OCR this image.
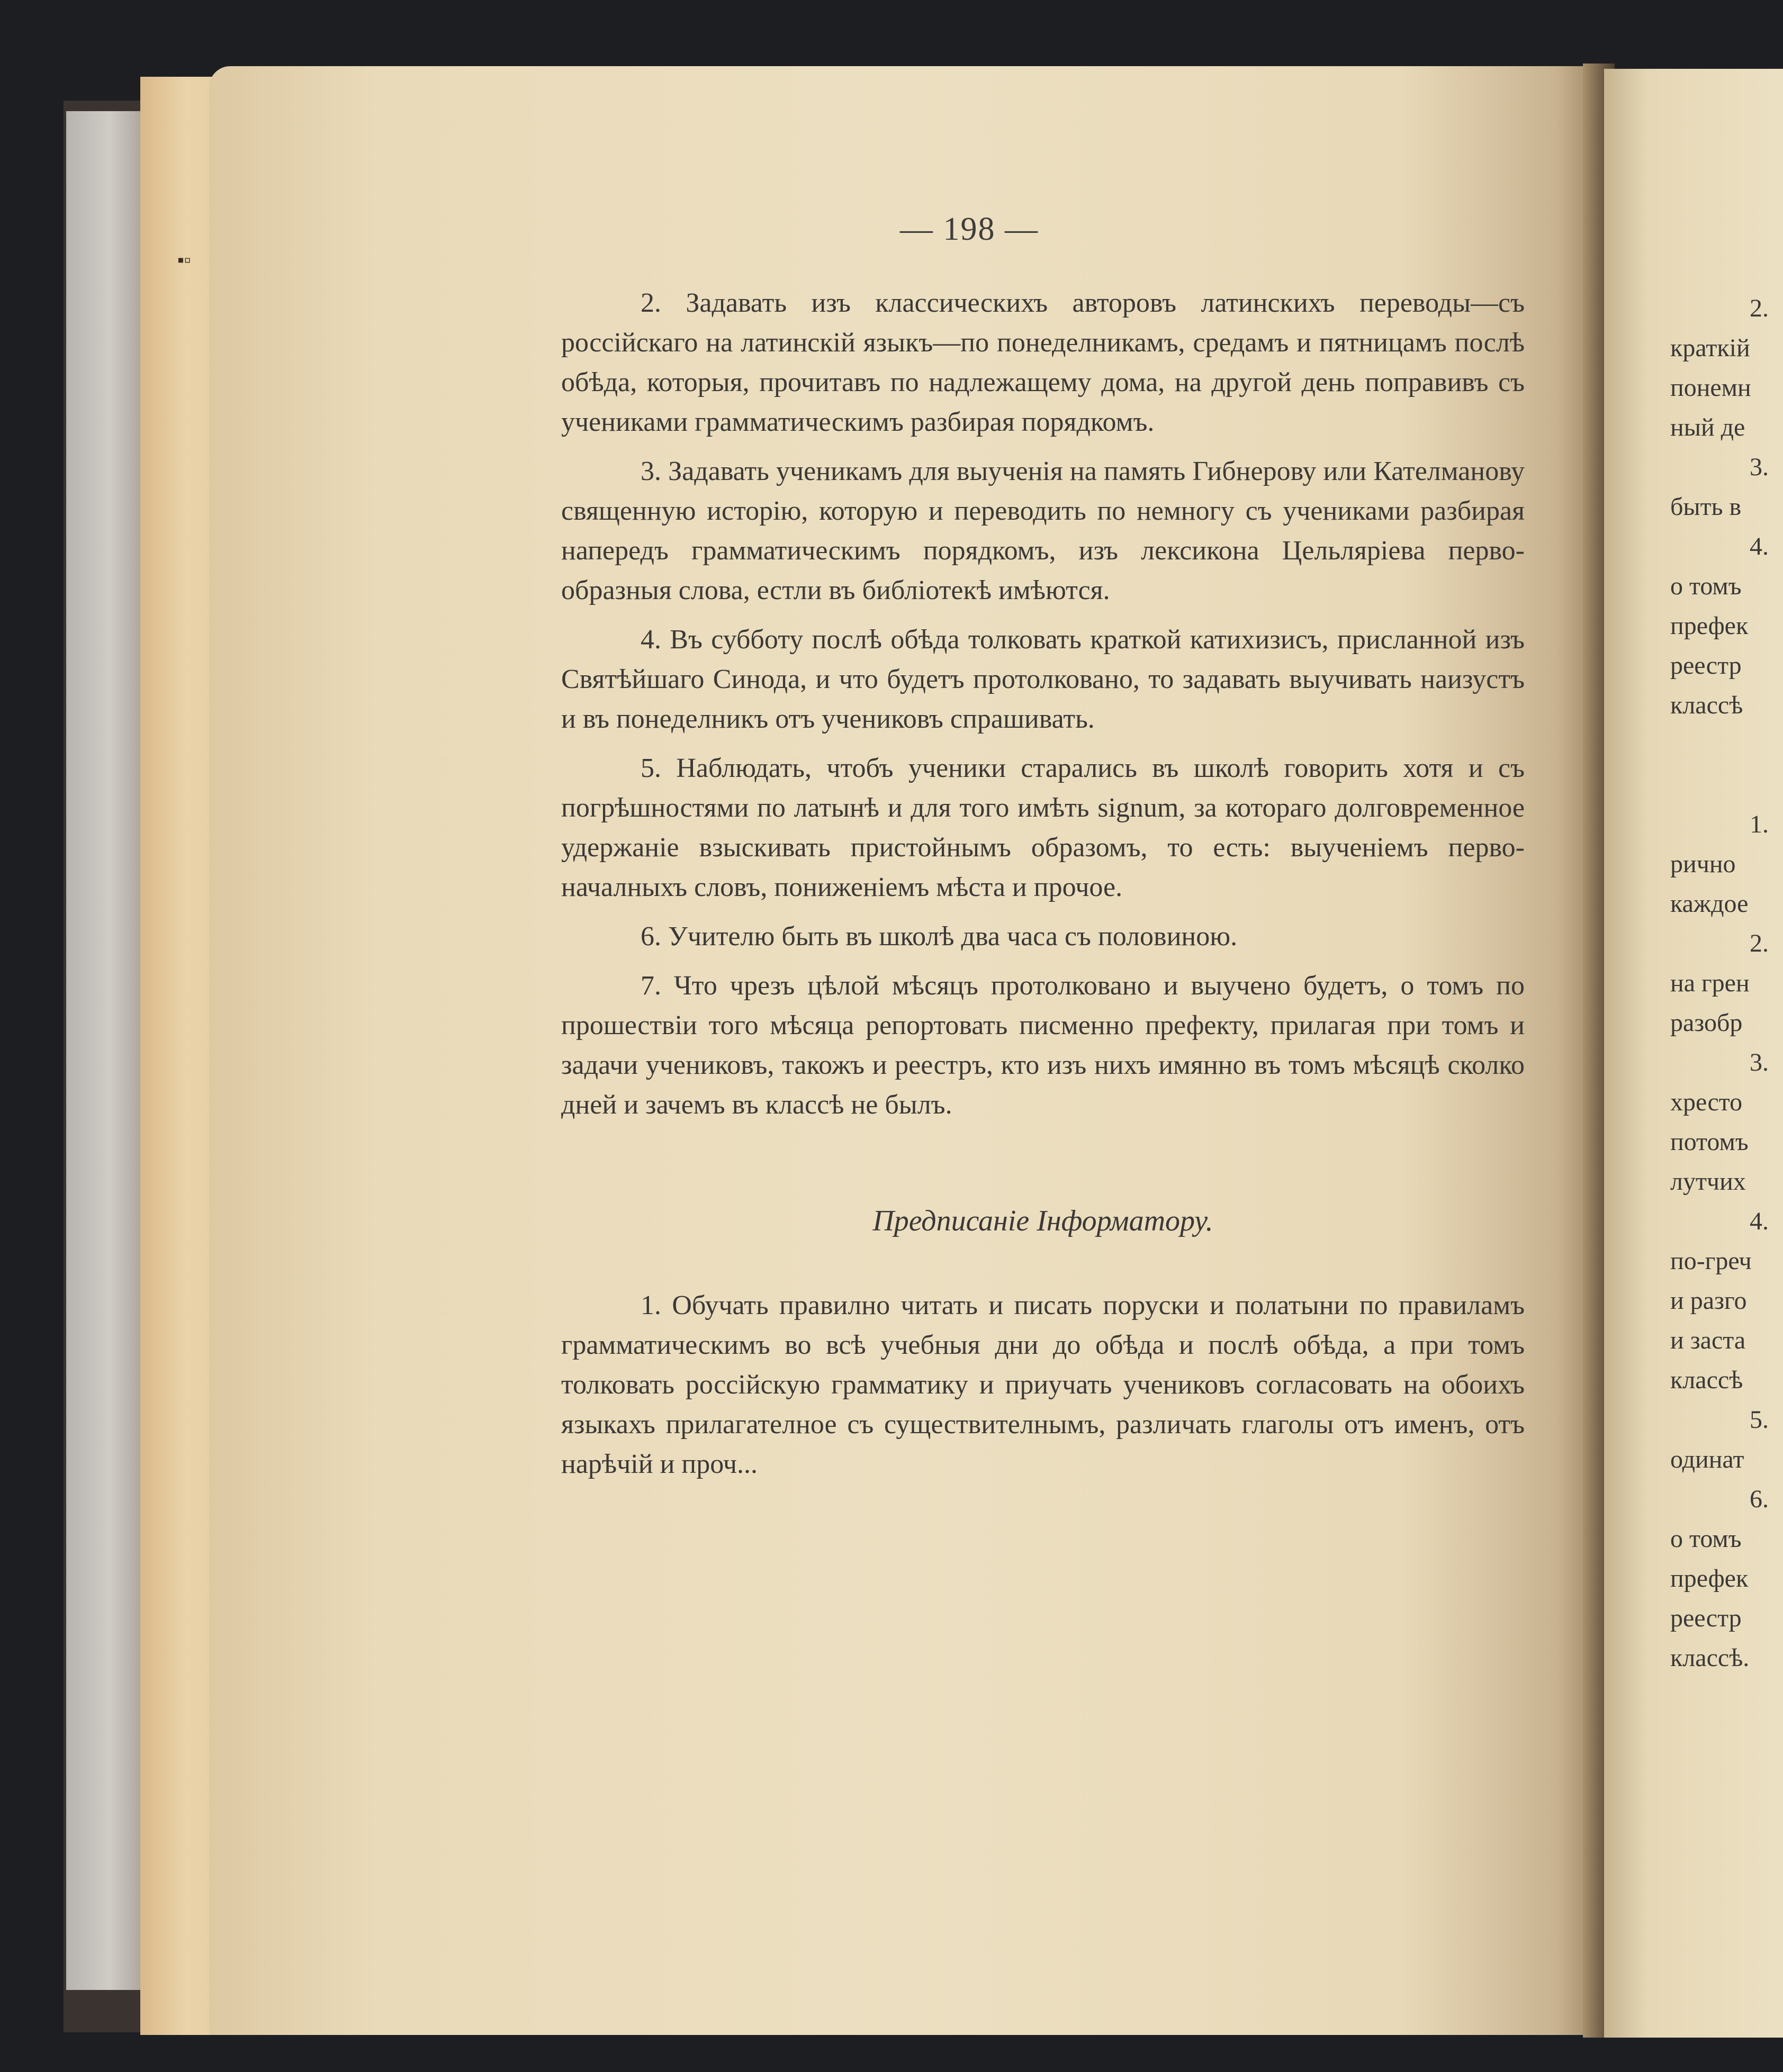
▪▫
— 198 —

2. Задавать изъ классическихъ авторовъ латинскихъ переводы—съ россійскаго на латинскій языкъ—по понеделникамъ, средамъ и пятницамъ послѣ обѣда, которыя, прочитавъ по надлежащему дома, на другой день поправивъ съ учениками грамматическимъ разбирая порядкомъ.

3. Задавать ученикамъ для выученія на память Гибнерову или Кателманову священную исторію, которую и переводить по немногу съ учениками разбирая напередъ грамматическимъ порядкомъ, изъ лексикона Цельляріева первообразныя слова, естли въ библіотекѣ имѣются.

4. Въ субботу послѣ обѣда толковать краткой катихизисъ, присланной изъ Святѣйшаго Синода, и что будетъ протолковано, то задавать выучивать наизустъ и въ понеделникъ отъ учениковъ спрашивать.

5. Наблюдать, чтобъ ученики старались въ школѣ говорить хотя и съ погрѣшностями по латынѣ и для того имѣть signum, за котораго долговременное удержаніе взыскивать пристойнымъ образомъ, то есть: выученіемъ первоначалныхъ словъ, пониженіемъ мѣста и прочое.

6. Учителю быть въ школѣ два часа съ половиною.

7. Что чрезъ цѣлой мѣсяцъ протолковано и выучено будетъ, о томъ по прошествіи того мѣсяца репортовать писменно префекту, прилагая при томъ и задачи учениковъ, такожъ и реестръ, кто изъ нихъ имянно въ томъ мѣсяцѣ сколко дней и зачемъ въ классѣ не былъ.

Предписаніе Інформатору.

1. Обучать правилно читать и писать поруски и полатыни по правиламъ грамматическимъ во всѣ учебныя дни до обѣда и послѣ обѣда, а при томъ толковать россійскую грамматику и приучать учениковъ согласовать на обоихъ языкахъ прилагателное съ существителнымъ, различать глаголы отъ именъ, отъ нарѣчій и проч...

2.
краткій
понемн
ный де
3.
быть в
4.
о томъ
префек
реестр
классѣ
1.
рично
каждое
2.
на грен
разобр
3.
хресто
потомъ
лутчих
4.
по-греч
и разго
и заста
классѣ
5.
одинат
6.
о томъ
префек
реестр
классѣ.
